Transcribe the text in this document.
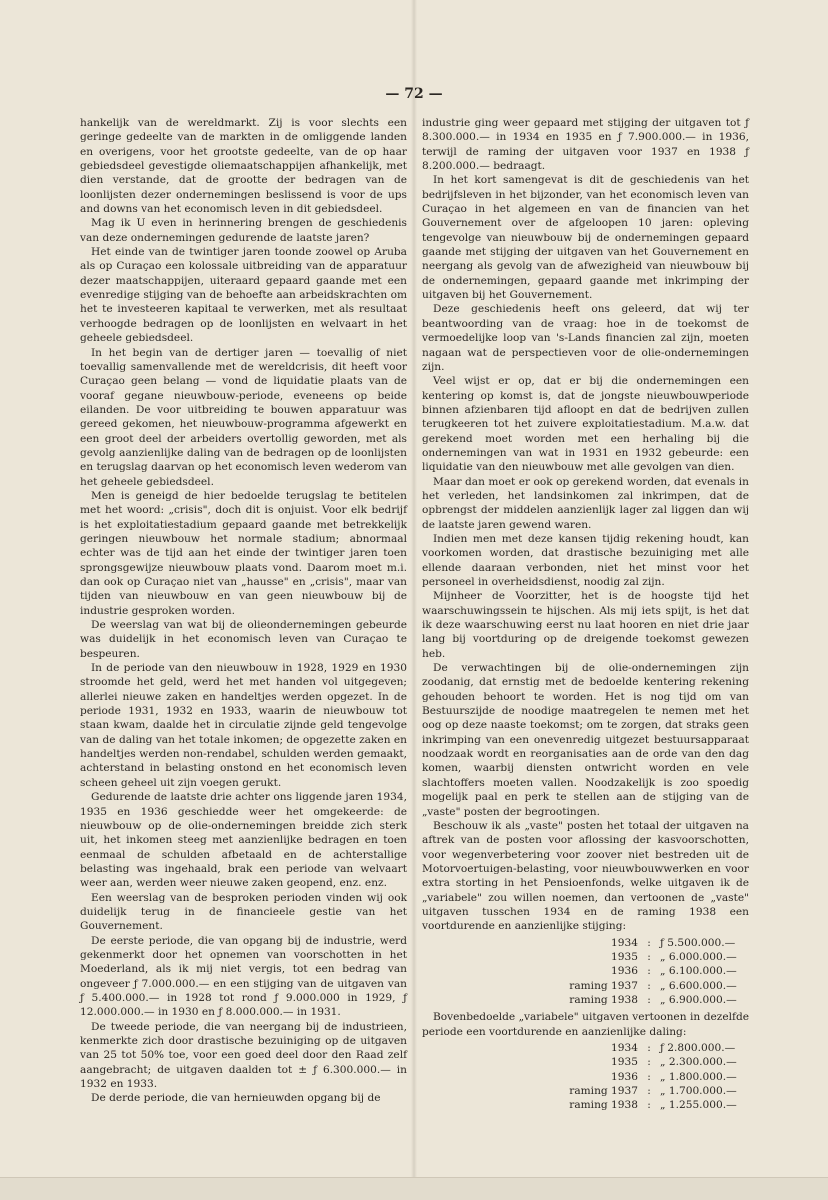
— 72 —

hankelijk van de wereldmarkt. Zij is voor slechts een geringe gedeelte van de markten in de omliggende landen en overigens, voor het grootste gedeelte, van de op haar gebiedsdeel gevestigde oliemaatschappijen afhankelijk, met dien verstande, dat de grootte der bedragen van de loonlijsten dezer ondernemingen beslissend is voor de ups and downs van het economisch leven in dit gebiedsdeel.

Mag ik U even in herinnering brengen de geschiedenis van deze ondernemingen gedurende de laatste jaren?

Het einde van de twintiger jaren toonde zoowel op Aruba als op Curaçao een kolossale uitbreiding van de apparatuur dezer maatschappijen, uiteraard gepaard gaande met een evenredige stijging van de behoefte aan arbeidskrachten om het te investeeren kapitaal te verwerken, met als resultaat verhoogde bedragen op de loonlijsten en welvaart in het geheele gebiedsdeel.

In het begin van de dertiger jaren — toevallig of niet toevallig samenvallende met de wereldcrisis, dit heeft voor Curaçao geen belang — vond de liquidatie plaats van de vooraf gegane nieuwbouw-periode, eveneens op beide eilanden. De voor uitbreiding te bouwen apparatuur was gereed gekomen, het nieuwbouw-programma afgewerkt en een groot deel der arbeiders overtollig geworden, met als gevolg aanzienlijke daling van de bedragen op de loonlijsten en terugslag daarvan op het economisch leven wederom van het geheele gebiedsdeel.

Men is geneigd de hier bedoelde terugslag te betitelen met het woord: „crisis", doch dit is onjuist. Voor elk bedrijf is het exploitatiestadium gepaard gaande met betrekkelijk geringen nieuwbouw het normale stadium; abnormaal echter was de tijd aan het einde der twintiger jaren toen sprongsgewijze nieuwbouw plaats vond. Daarom moet m.i. dan ook op Curaçao niet van „hausse" en „crisis", maar van tijden van nieuwbouw en van geen nieuwbouw bij de industrie gesproken worden.

De weerslag van wat bij de olieondernemingen gebeurde was duidelijk in het economisch leven van Curaçao te bespeuren.

In de periode van den nieuwbouw in 1928, 1929 en 1930 stroomde het geld, werd het met handen vol uitgegeven; allerlei nieuwe zaken en handeltjes werden opgezet. In de periode 1931, 1932 en 1933, waarin de nieuwbouw tot staan kwam, daalde het in circulatie zijnde geld tengevolge van de daling van het totale inkomen; de opgezette zaken en handeltjes werden non-rendabel, schulden werden gemaakt, achterstand in belasting onstond en het economisch leven scheen geheel uit zijn voegen gerukt.

Gedurende de laatste drie achter ons liggende jaren 1934, 1935 en 1936 geschiedde weer het omgekeerde: de nieuwbouw op de olie-ondernemingen breidde zich sterk uit, het inkomen steeg met aanzienlijke bedragen en toen eenmaal de schulden afbetaald en de achterstallige belasting was ingehaald, brak een periode van welvaart weer aan, werden weer nieuwe zaken geopend, enz. enz.

Een weerslag van de besproken perioden vinden wij ook duidelijk terug in de financieele gestie van het Gouvernement.

De eerste periode, die van opgang bij de industrie, werd gekenmerkt door het opnemen van voorschotten in het Moederland, als ik mij niet vergis, tot een bedrag van ongeveer ƒ 7.000.000.— en een stijging van de uitgaven van ƒ 5.400.000.— in 1928 tot rond ƒ 9.000.000 in 1929, ƒ 12.000.000.— in 1930 en ƒ 8.000.000.— in 1931.

De tweede periode, die van neergang bij de industrieen, kenmerkte zich door drastische bezuiniging op de uitgaven van 25 tot 50% toe, voor een goed deel door den Raad zelf aangebracht; de uitgaven daalden tot ± ƒ 6.300.000.— in 1932 en 1933.

De derde periode, die van hernieuwden opgang bij de

industrie ging weer gepaard met stijging der uitgaven tot ƒ 8.300.000.— in 1934 en 1935 en ƒ 7.900.000.— in 1936, terwijl de raming der uitgaven voor 1937 en 1938 ƒ 8.200.000.— bedraagt.

In het kort samengevat is dit de geschiedenis van het bedrijfsleven in het bijzonder, van het economisch leven van Curaçao in het algemeen en van de financien van het Gouvernement over de afgeloopen 10 jaren: opleving tengevolge van nieuwbouw bij de ondernemingen gepaard gaande met stijging der uitgaven van het Gouvernement en neergang als gevolg van de afwezigheid van nieuwbouw bij de ondernemingen, gepaard gaande met inkrimping der uitgaven bij het Gouvernement.

Deze geschiedenis heeft ons geleerd, dat wij ter beantwoording van de vraag: hoe in de toekomst de vermoedelijke loop van 's-Lands financien zal zijn, moeten nagaan wat de perspectieven voor de olie-ondernemingen zijn.

Veel wijst er op, dat er bij die ondernemingen een kentering op komst is, dat de jongste nieuwbouwperiode binnen afzienbaren tijd afloopt en dat de bedrijven zullen terugkeeren tot het zuivere exploitatiestadium. M.a.w. dat gerekend moet worden met een herhaling bij die ondernemingen van wat in 1931 en 1932 gebeurde: een liquidatie van den nieuwbouw met alle gevolgen van dien.

Maar dan moet er ook op gerekend worden, dat evenals in het verleden, het landsinkomen zal inkrimpen, dat de opbrengst der middelen aanzienlijk lager zal liggen dan wij de laatste jaren gewend waren.

Indien men met deze kansen tijdig rekening houdt, kan voorkomen worden, dat drastische bezuiniging met alle ellende daaraan verbonden, niet het minst voor het personeel in overheidsdienst, noodig zal zijn.

Mijnheer de Voorzitter, het is de hoogste tijd het waarschuwingssein te hijschen. Als mij iets spijt, is het dat ik deze waarschuwing eerst nu laat hooren en niet drie jaar lang bij voortduring op de dreigende toekomst gewezen heb.

De verwachtingen bij de olie-ondernemingen zijn zoodanig, dat ernstig met de bedoelde kentering rekening gehouden behoort te worden. Het is nog tijd om van Bestuurszijde de noodige maatregelen te nemen met het oog op deze naaste toekomst; om te zorgen, dat straks geen inkrimping van een onevenredig uitgezet bestuursapparaat noodzaak wordt en reorganisaties aan de orde van den dag komen, waarbij diensten ontwricht worden en vele slachtoffers moeten vallen. Noodzakelijk is zoo spoedig mogelijk paal en perk te stellen aan de stijging van de „vaste" posten der begrootingen.

Beschouw ik als „vaste" posten het totaal der uitgaven na aftrek van de posten voor aflossing der kasvoorschotten, voor wegenverbetering voor zoover niet bestreden uit de Motorvoertuigen-belasting, voor nieuwbouwwerken en voor extra storting in het Pensioenfonds, welke uitgaven ik de „variabele" zou willen noemen, dan vertoonen de „vaste" uitgaven tusschen 1934 en de raming 1938 een voortdurende en aanzienlijke stijging:

1934 : ƒ 5.500.000.—
1935 : „ 6.000.000.—
1936 : „ 6.100.000.—
raming 1937 : „ 6.600.000.—
raming 1938 : „ 6.900.000.—

Bovenbedoelde „variabele" uitgaven vertoonen in dezelfde periode een voortdurende en aanzienlijke daling:

1934 : ƒ 2.800.000.—
1935 : „ 2.300.000.—
1936 : „ 1.800.000.—
raming 1937 : „ 1.700.000.—
raming 1938 : „ 1.255.000.—
